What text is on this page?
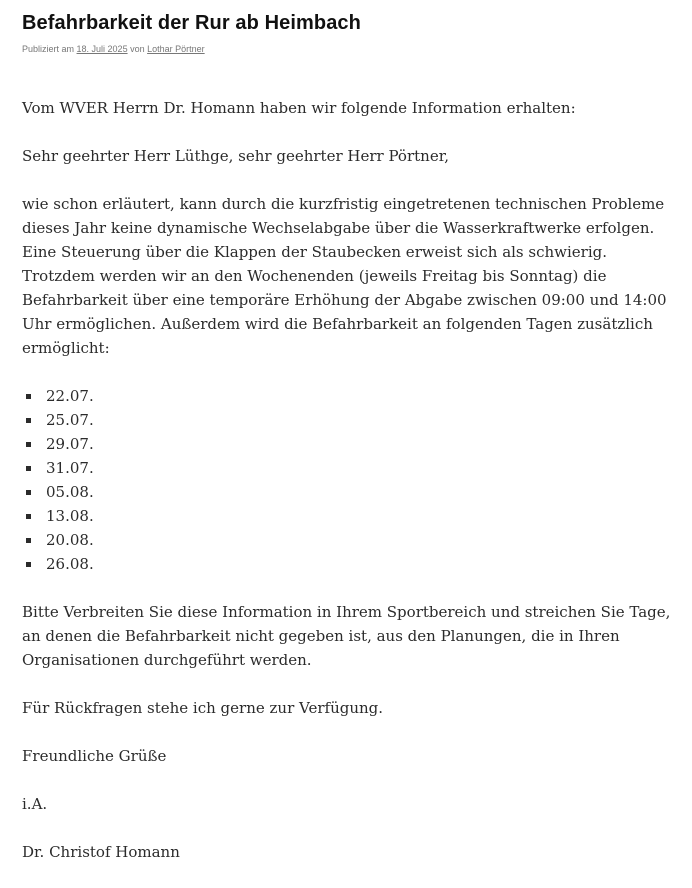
Befahrbarkeit der Rur ab Heimbach
Publiziert am 18. Juli 2025 von Lothar Pörtner

Vom WVER Herrn Dr. Homann haben wir folgende Information erhalten:

Sehr geehrter Herr Lüthge, sehr geehrter Herr Pörtner,

wie schon erläutert, kann durch die kurzfristig eingetretenen technischen Probleme dieses Jahr keine dynamische Wechselabgabe über die Wasserkraftwerke erfolgen. Eine Steuerung über die Klappen der Staubecken erweist sich als schwierig. Trotzdem werden wir an den Wochenenden (jeweils Freitag bis Sonntag) die Befahrbarkeit über eine temporäre Erhöhung der Abgabe zwischen 09:00 und 14:00 Uhr ermöglichen. Außerdem wird die Befahrbarkeit an folgenden Tagen zusätzlich ermöglicht:

22.07.
25.07.
29.07.
31.07.
05.08.
13.08.
20.08.
26.08.

Bitte Verbreiten Sie diese Information in Ihrem Sportbereich und streichen Sie Tage, an denen die Befahrbarkeit nicht gegeben ist, aus den Planungen, die in Ihren Organisationen durchgeführt werden.

Für Rückfragen stehe ich gerne zur Verfügung.

Freundliche Grüße

i.A.

Dr. Christof Homann
